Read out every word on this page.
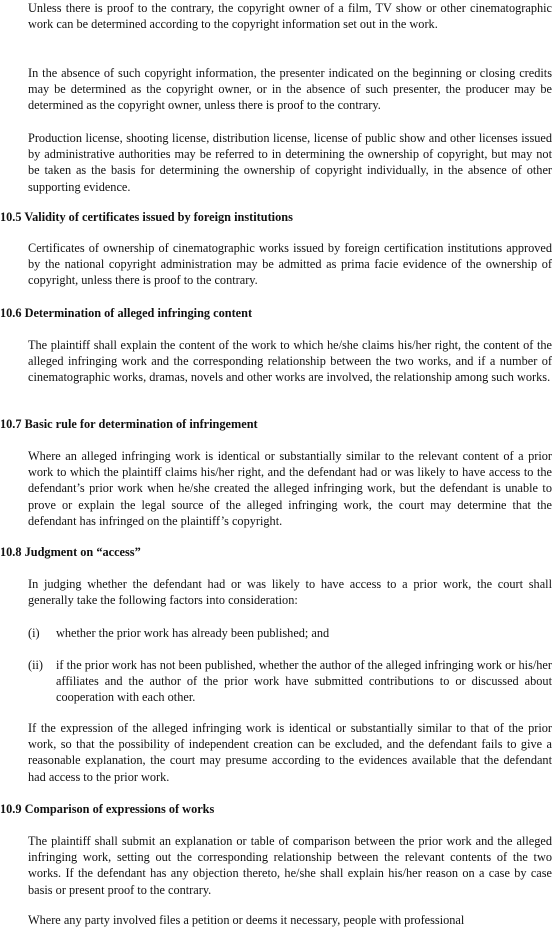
Unless there is proof to the contrary, the copyright owner of a film, TV show or other cinematographic work can be determined according to the copyright information set out in the work.

In the absence of such copyright information, the presenter indicated on the beginning or closing credits may be determined as the copyright owner, or in the absence of such presenter, the producer may be determined as the copyright owner, unless there is proof to the contrary.

Production license, shooting license, distribution license, license of public show and other licenses issued by administrative authorities may be referred to in determining the ownership of copyright, but may not be taken as the basis for determining the ownership of copyright individually, in the absence of other supporting evidence.

10.5 Validity of certificates issued by foreign institutions

Certificates of ownership of cinematographic works issued by foreign certification institutions approved by the national copyright administration may be admitted as prima facie evidence of the ownership of copyright, unless there is proof to the contrary.

10.6 Determination of alleged infringing content

The plaintiff shall explain the content of the work to which he/she claims his/her right, the content of the alleged infringing work and the corresponding relationship between the two works, and if a number of cinematographic works, dramas, novels and other works are involved, the relationship among such works.

10.7 Basic rule for determination of infringement

Where an alleged infringing work is identical or substantially similar to the relevant content of a prior work to which the plaintiff claims his/her right, and the defendant had or was likely to have access to the defendant’s prior work when he/she created the alleged infringing work, but the defendant is unable to prove or explain the legal source of the alleged infringing work, the court may determine that the defendant has infringed on the plaintiff’s copyright.

10.8 Judgment on “access”

In judging whether the defendant had or was likely to have access to a prior work, the court shall generally take the following factors into consideration:

(i) whether the prior work has already been published; and

(ii) if the prior work has not been published, whether the author of the alleged infringing work or his/her affiliates and the author of the prior work have submitted contributions to or discussed about cooperation with each other.

If the expression of the alleged infringing work is identical or substantially similar to that of the prior work, so that the possibility of independent creation can be excluded, and the defendant fails to give a reasonable explanation, the court may presume according to the evidences available that the defendant had access to the prior work.

10.9 Comparison of expressions of works

The plaintiff shall submit an explanation or table of comparison between the prior work and the alleged infringing work, setting out the corresponding relationship between the relevant contents of the two works. If the defendant has any objection thereto, he/she shall explain his/her reason on a case by case basis or present proof to the contrary.

Where any party involved files a petition or deems it necessary, people with professional
